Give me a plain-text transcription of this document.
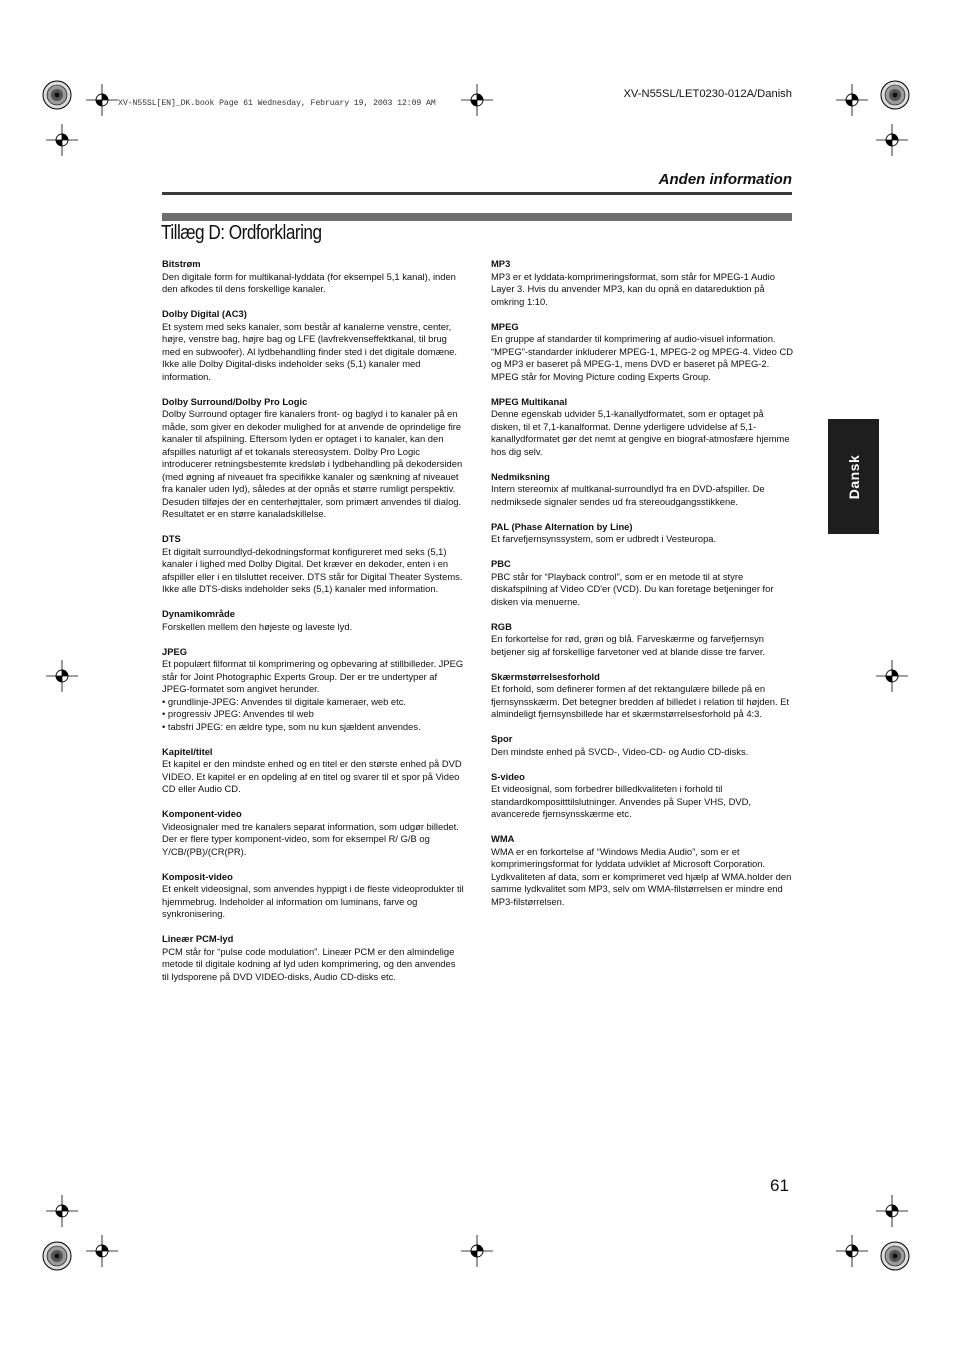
XV-N55SL[EN]_DK.book Page 61 Wednesday, February 19, 2003 12:09 AM
XV-N55SL/LET0230-012A/Danish
Anden information
Tillæg D: Ordforklaring

Bitstrøm

Den digitale form for multikanal-lyddata (for eksempel 5,1 kanal), inden den afkodes til dens forskellige kanaler.

Dolby Digital (AC3)

Et system med seks kanaler, som består af kanalerne venstre, center, højre, venstre bag, højre bag og LFE (lavfrekvenseffektkanal, til brug med en subwoofer). Al lydbehandling finder sted i det digitale domæne. Ikke alle Dolby Digital-disks indeholder seks (5,1) kanaler med information.

Dolby Surround/Dolby Pro Logic

Dolby Surround optager fire kanalers front- og baglyd i to kanaler på en måde, som giver en dekoder mulighed for at anvende de oprindelige fire kanaler til afspilning. Eftersom lyden er optaget i to kanaler, kan den afspilles naturligt af et tokanals stereosystem. Dolby Pro Logic introducerer retningsbestemte kredsløb i lydbehandling på dekodersiden (med øgning af niveauet fra specifikke kanaler og sænkning af niveauet fra kanaler uden lyd), således at der opnås et større rumligt perspektiv. Desuden tilføjes der en centerhøjttaler, som primært anvendes til dialog. Resultatet er en større kanaladskillelse.

DTS

Et digitalt surroundlyd-dekodningsformat konfigureret med seks (5,1) kanaler i lighed med Dolby Digital. Det kræver en dekoder, enten i en afspiller eller i en tilsluttet receiver. DTS står for Digital Theater Systems.

Ikke alle DTS-disks indeholder seks (5,1) kanaler med information.

Dynamikområde

Forskellen mellem den højeste og laveste lyd.

JPEG

Et populært filformat til komprimering og opbevaring af stillbilleder. JPEG står for Joint Photographic Experts Group. Der er tre undertyper af JPEG-formatet som angivet herunder.

• grundlinje-JPEG: Anvendes til digitale kameraer, web etc.
• progressiv JPEG: Anvendes til web
• tabsfri JPEG: en ældre type, som nu kun sjældent anvendes.

Kapitel/titel

Et kapitel er den mindste enhed og en titel er den største enhed på DVD VIDEO. Et kapitel er en opdeling af en titel og svarer til et spor på Video CD eller Audio CD.

Komponent-video

Videosignaler med tre kanalers separat information, som udgør billedet. Der er flere typer komponent-video, som for eksempel R/ G/B og Y/CB/(PB)/(CR(PR).

Komposit-video

Et enkelt videosignal, som anvendes hyppigt i de fleste videoprodukter til hjemmebrug. Indeholder al information om luminans, farve og synkronisering.

Lineær PCM-lyd

PCM står for “pulse code modulation”. Lineær PCM er den almindelige metode til digitale kodning af lyd uden komprimering, og den anvendes til lydsporene på DVD VIDEO-disks, Audio CD-disks etc.

MP3

MP3 er et lyddata-komprimeringsformat, som står for MPEG-1 Audio Layer 3. Hvis du anvender MP3, kan du opnå en datareduktion på omkring 1:10.

MPEG

En gruppe af standarder til komprimering af audio-visuel information. “MPEG”-standarder inkluderer MPEG-1, MPEG-2 og MPEG-4. Video CD og MP3 er baseret på MPEG-1, mens DVD er baseret på MPEG-2. MPEG står for Moving Picture coding Experts Group.

MPEG Multikanal

Denne egenskab udvider 5,1-kanallydformatet, som er optaget på disken, til et 7,1-kanalformat. Denne yderligere udvidelse af 5,1-kanallydformatet gør det nemt at gengive en biograf-atmosfære hjemme hos dig selv.

Nedmiksning

Intern stereomix af multkanal-surroundlyd fra en DVD-afspiller. De nedmiksede signaler sendes ud fra stereoudgangsstikkene.

PAL (Phase Alternation by Line)

Et farvefjernsynssystem, som er udbredt i Vesteuropa.

PBC

PBC står for “Playback control”, som er en metode til at styre diskafspilning af Video CD'er (VCD). Du kan foretage betjeninger for disken via menuerne.

RGB

En forkortelse for rød, grøn og blå. Farveskærme og farvefjernsyn betjener sig af forskellige farvetoner ved at blande disse tre farver.

Skærmstørrelsesforhold

Et forhold, som definerer formen af det rektangulære billede på en fjernsynsskærm. Det betegner bredden af billedet i relation til højden. Et almindeligt fjernsynsbillede har et skærmstørrelsesforhold på 4:3.

Spor

Den mindste enhed på SVCD-, Video-CD- og Audio CD-disks.

S-video

Et videosignal, som forbedrer billedkvaliteten i forhold til standardkompositttilslutninger. Anvendes på Super VHS, DVD, avancerede fjernsynsskærme etc.

WMA

WMA er en forkortelse af “Windows Media Audio”, som er et komprimeringsformat for lyddata udviklet af Microsoft Corporation. Lydkvaliteten af data, som er komprimeret ved hjælp af WMA.holder den samme lydkvalitet som MP3, selv om WMA-filstørrelsen er mindre end MP3-filstørrelsen.

Dansk
61
